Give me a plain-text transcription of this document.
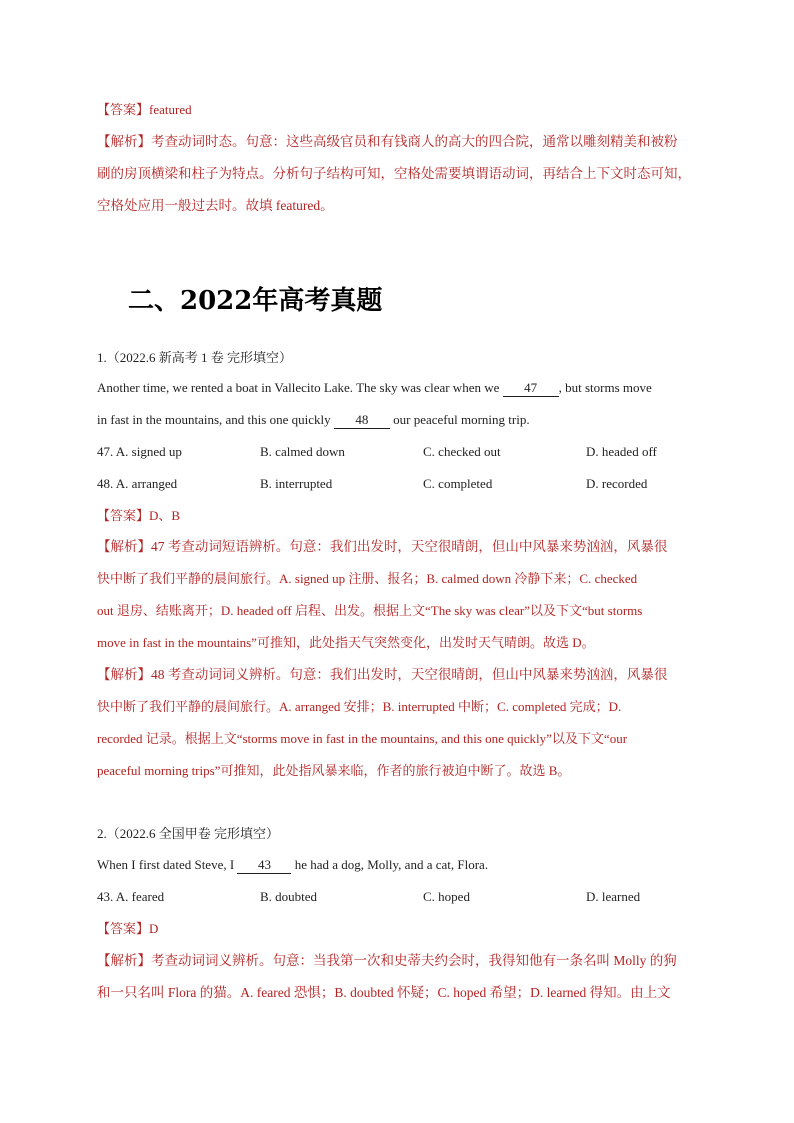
【答案】featured
【解析】考查动词时态。句意：这些高级官员和有钱商人的高大的四合院，通常以雕刻精美和被粉
刷的房顶横梁和柱子为特点。分析句子结构可知，空格处需要填谓语动词，再结合上下文时态可知，
空格处应用一般过去时。故填 featured。
二、2022年高考真题
1.（2022.6 新高考 1 卷 完形填空）
Another time, we rented a boat in Vallecito Lake. The sky was clear when we 47 , but storms move
in fast in the mountains, and this one quickly 48 our peaceful morning trip.
47. A. signed up	B. calmed down	C. checked out	D. headed off
48. A. arranged	B. interrupted	C. completed	D. recorded
【答案】D、B
【解析】47 考查动词短语辨析。句意：我们出发时，天空很晴朗，但山中风暴来势汹汹，风暴很
快中断了我们平静的晨间旅行。A. signed up 注册、报名；B. calmed down 冷静下来；C. checked
out 退房、结账离开；D. headed off 启程、出发。根据上文“The sky was clear”以及下文“but storms
move in fast in the mountains”可推知，此处指天气突然变化，出发时天气晴朗。故选 D。
【解析】48 考查动词词义辨析。句意：我们出发时，天空很晴朗，但山中风暴来势汹汹，风暴很
快中断了我们平静的晨间旅行。A. arranged 安排；B. interrupted 中断；C. completed 完成；D.
recorded 记录。根据上文“storms move in fast in the mountains, and this one quickly”以及下文“our
peaceful morning trips”可推知，此处指风暴来临，作者的旅行被迫中断了。故选 B。
2.（2022.6 全国甲卷 完形填空）
When I first dated Steve, I 43 he had a dog, Molly, and a cat, Flora.
43. A. feared	B. doubted	C. hoped	D. learned
【答案】D
【解析】考查动词词义辨析。句意：当我第一次和史蒂夫约会时，我得知他有一条名叫 Molly 的狗
和一只名叫 Flora 的猫。A. feared 恐惧；B. doubted 怀疑；C. hoped 希望；D. learned 得知。由上文
